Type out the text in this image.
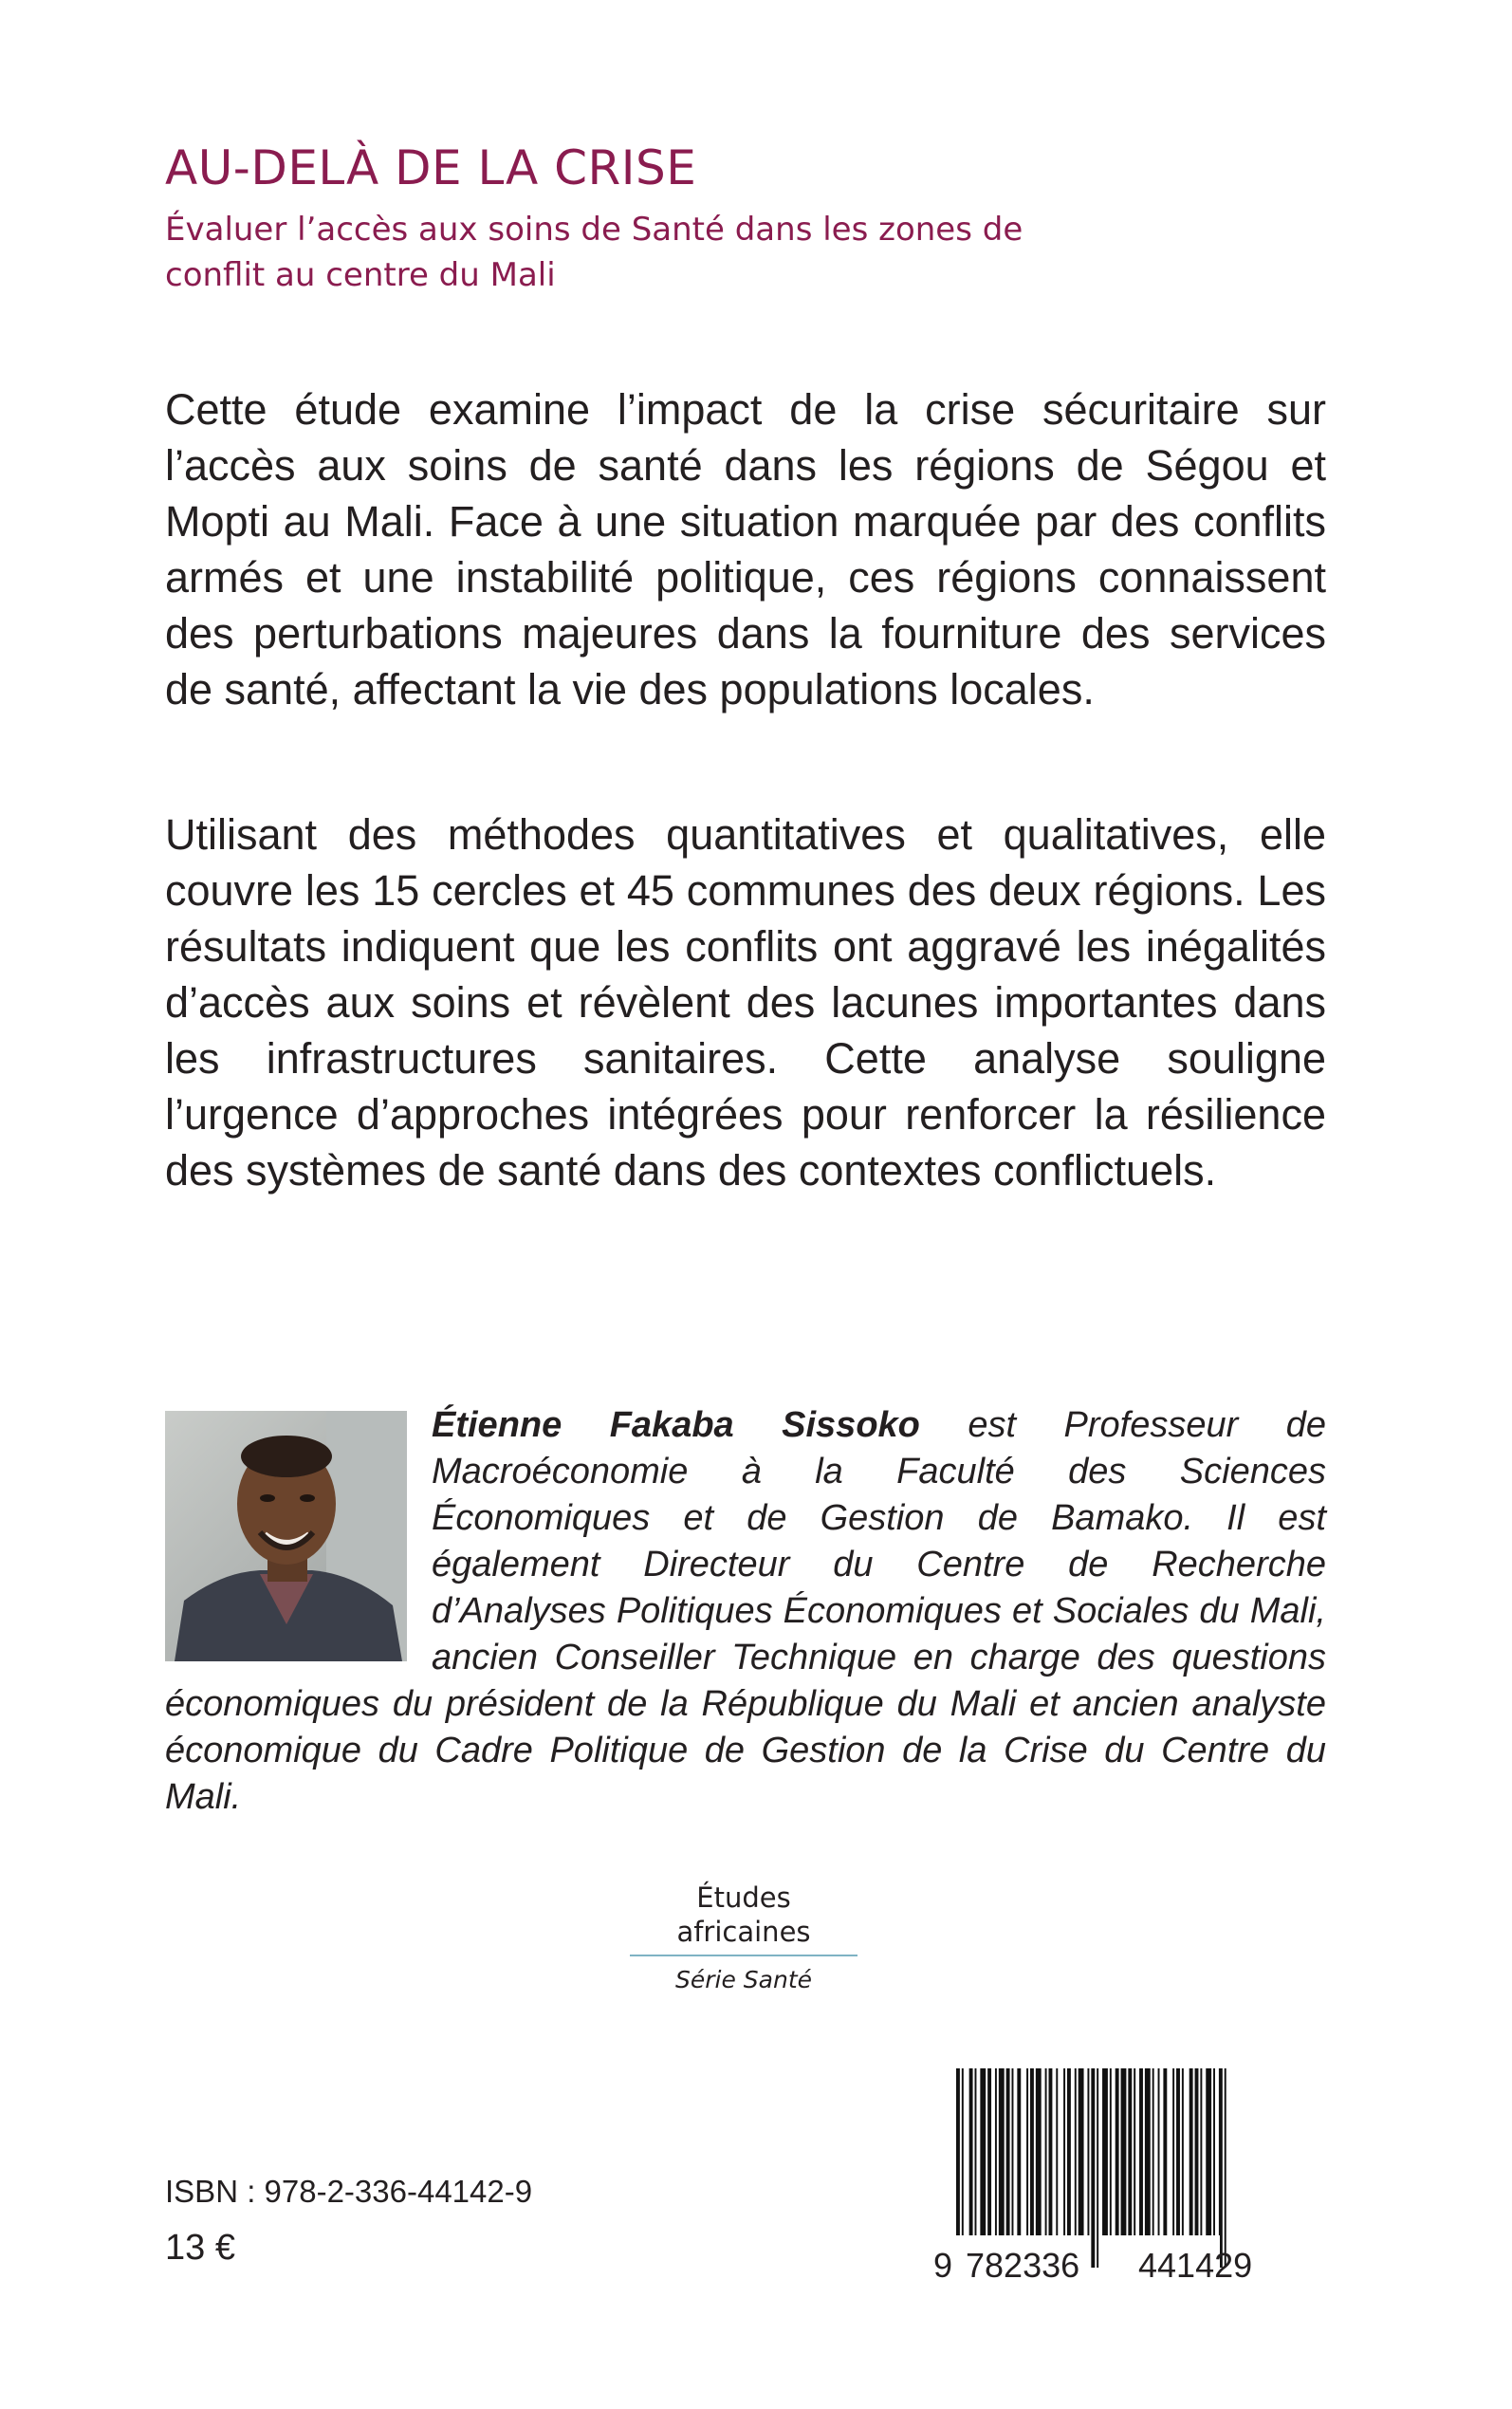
AU-DELÀ DE LA CRISE

Évaluer l’accès aux soins de Santé dans les zones de conflit au centre du Mali

Cette étude examine l’impact de la crise sécuritaire sur l’accès aux soins de santé dans les régions de Ségou et Mopti au Mali. Face à une situation marquée par des conflits armés et une instabilité politique, ces régions connaissent des perturbations majeures dans la fourniture des services de santé, affectant la vie des populations locales.

Utilisant des méthodes quantitatives et qualitatives, elle couvre les 15 cercles et 45 communes des deux régions. Les résultats indiquent que les conflits ont aggravé les inégalités d’accès aux soins et révèlent des lacunes importantes dans les infrastructures sanitaires. Cette analyse souligne l’urgence d’approches intégrées pour renforcer la résilience des systèmes de santé dans des contextes conflictuels.

Étienne Fakaba Sissoko est Professeur de Macroéconomie à la Faculté des Sciences Économiques et de Gestion de Bamako. Il est également Directeur du Centre de Recherche d’Analyses Politiques Économiques et Sociales du Mali, ancien Conseiller Technique en charge des questions économiques du président de la République du Mali et ancien analyste économique du Cadre Politique de Gestion de la Crise du Centre du Mali.

Études africaines
Série Santé

ISBN : 978-2-336-44142-9

13 €	9 782336 441429
